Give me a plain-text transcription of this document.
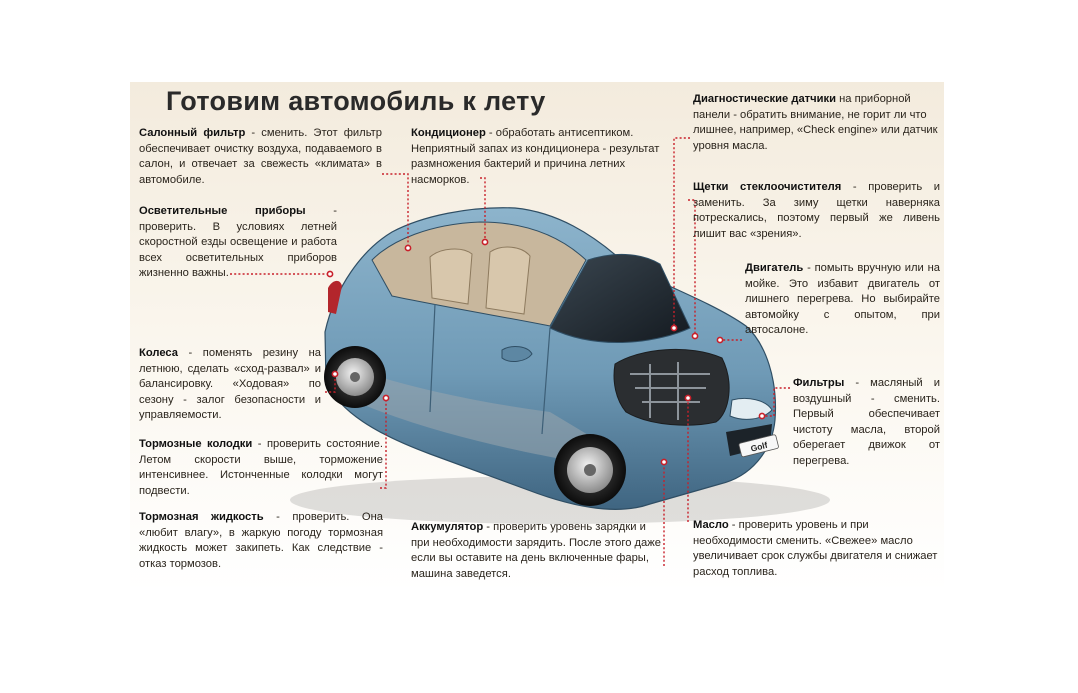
Golf
Готовим автомобиль к лету

Салонный фильтр - сменить. Этот фильтр обеспечивает очистку воздуха, подаваемого в салон, и отвечает за свежесть «климата» в автомобиле.

Осветительные приборы - проверить. В условиях летней скоростной езды освещение и работа всех осветительных приборов жизненно важны.

Колеса - поменять резину на летнюю, сделать «сход-развал» и балансировку. «Ходовая» по сезону - залог безопасности и управляемости.

Тормозные колодки - проверить состояние. Летом скорости выше, торможение интенсивнее. Истонченные колодки могут подвести.

Тормозная жидкость - проверить. Она «любит влагу», в жаркую погоду тормозная жидкость может закипеть. Как следствие - отказ тормозов.

Кондиционер - обработать антисептиком. Неприятный запах из кондиционера - результат размножения бактерий и причина летних насморков.

Аккумулятор - проверить уровень зарядки и при необходимости зарядить. После этого даже если вы оставите на день включенные фары, машина заведется.

Диагностические датчики на приборной панели - обратить внимание, не горит ли что лишнее, например, «Check engine» или датчик уровня масла.

Щетки стеклоочистителя - проверить и заменить. За зиму щетки наверняка потрескались, поэтому первый же ливень лишит вас «зрения».

Двигатель - помыть вручную или на мойке. Это избавит двигатель от лишнего перегрева. Но выбирайте автомойку с опытом, при автосалоне.

Фильтры - масляный и воздушный - сменить. Первый обеспечивает чистоту масла, второй оберегает движок от перегрева.

Масло - проверить уровень и при необходимости сменить. «Свежее» масло увеличивает срок службы двигателя и снижает расход топлива.
